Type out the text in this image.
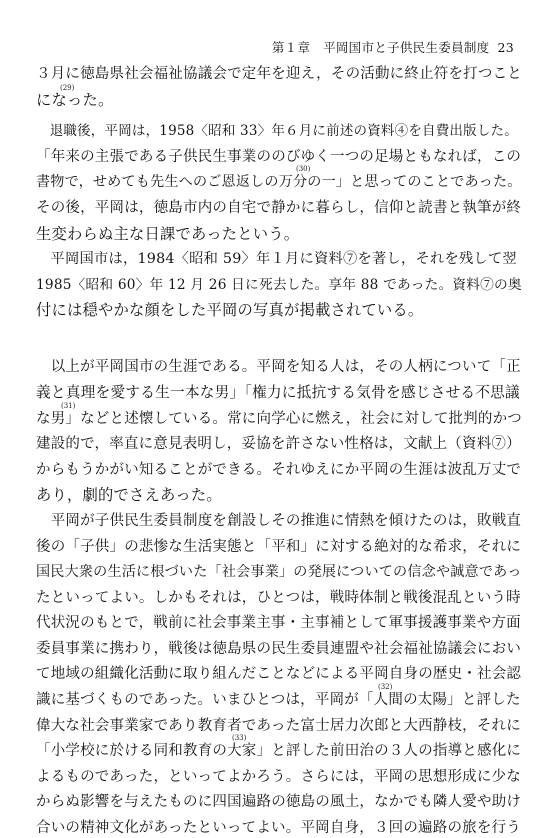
第１章　平岡国市と子供民生委員制度 23
３月に徳島県社会福祉協議会で定年を迎え，その活動に終止符を打つこと
になった。
　退職後，平岡は，1958〈昭和 33〉年６月に前述の資料④を自費出版した。
「年来の主張である子供民生事業ののびゆく一つの足場ともなれば，この
書物で，せめても先生へのご恩返しの万分の一」と思ってのことであった。
その後，平岡は，徳島市内の自宅で静かに暮らし，信仰と読書と執筆が終
生変わらぬ主な日課であったという。
　平岡国市は，1984〈昭和 59〉年１月に資料⑦を著し，それを残して翌
1985〈昭和 60〉年 12 月 26 日に死去した。享年 88 であった。資料⑦の奥
付には穏やかな顔をした平岡の写真が掲載されている。
　以上が平岡国市の生涯である。平岡を知る人は，その人柄について「正
義と真理を愛する生一本な男」「権力に抵抗する気骨を感じさせる不思議
な男」などと述懐している。常に向学心に燃え，社会に対して批判的かつ
建設的で，率直に意見表明し，妥協を許さない性格は，文献上（資料⑦）
からもうかがい知ることができる。それゆえにか平岡の生涯は波乱万丈で
あり，劇的でさえあった。
　平岡が子供民生委員制度を創設しその推進に情熱を傾けたのは，敗戦直
後の「子供」の悲惨な生活実態と「平和」に対する絶対的な希求，それに
国民大衆の生活に根づいた「社会事業」の発展についての信念や誠意であっ
たといってよい。しかもそれは，ひとつは，戦時体制と戦後混乱という時
代状況のもとで，戦前に社会事業主事・主事補として軍事援護事業や方面
委員事業に携わり，戦後は徳島県の民生委員連盟や社会福祉協議会におい
て地域の組織化活動に取り組んだことなどによる平岡自身の歴史・社会認
識に基づくものであった。いまひとつは，平岡が「人間の太陽」と評した
偉大な社会事業家であり教育者であった富士居力次郎と大西静枝，それに
「小学校に於ける同和教育の大家」と評した前田治の３人の指導と感化に
よるものであった，といってよかろう。さらには，平岡の思想形成に少な
からぬ影響を与えたものに四国遍路の徳島の風土，なかでも隣人愛や助け
合いの精神文化があったといってよい。平岡自身，３回の遍路の旅を行う
(29)
(30)
(31)
(32)
(33)
